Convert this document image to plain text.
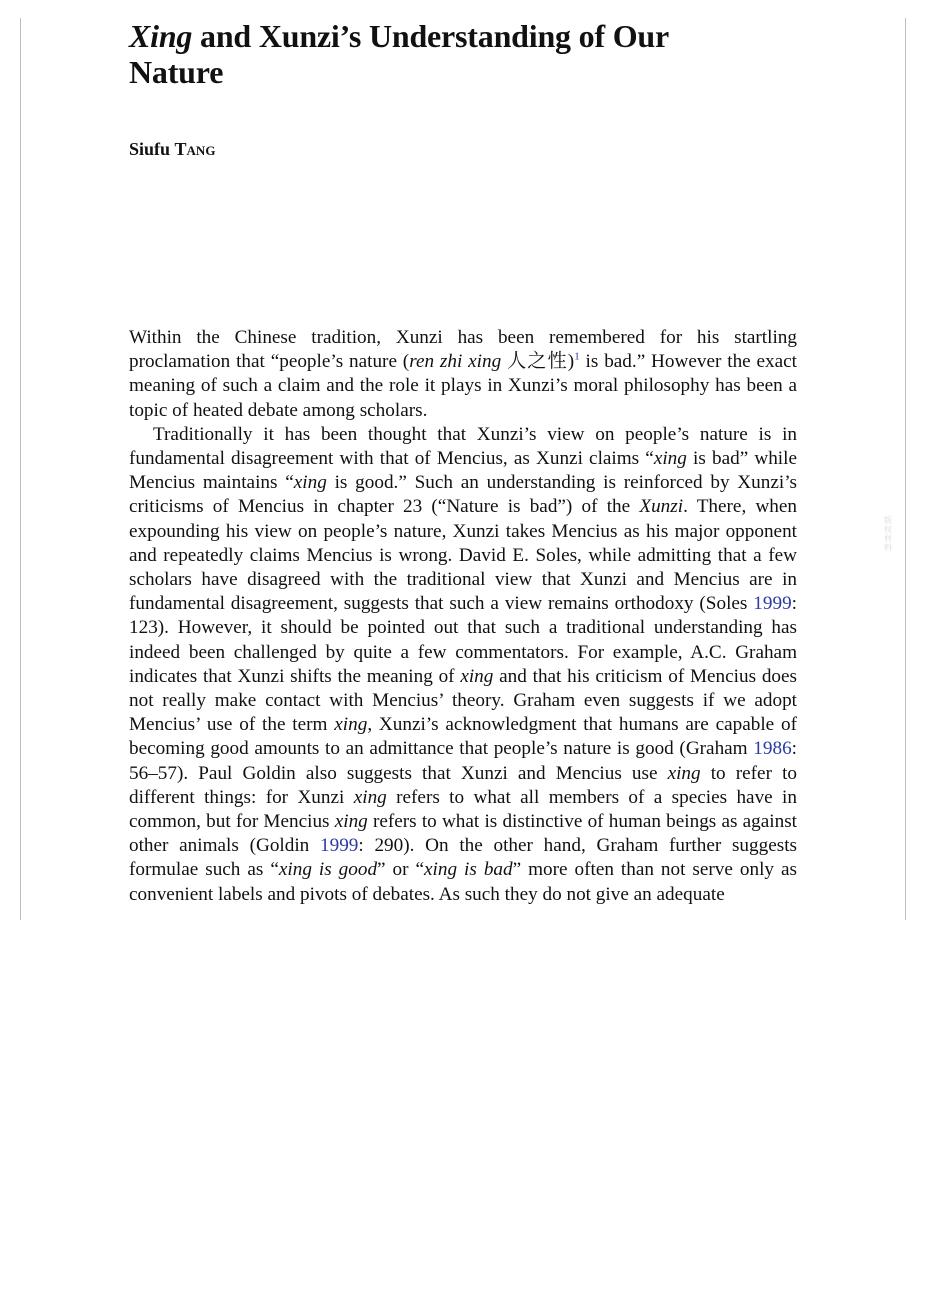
Xing and Xunzi’s Understanding of Our Nature

Siufu Tang

版权材料

Within the Chinese tradition, Xunzi has been remembered for his startling proclamation that “people’s nature (ren zhi xing 人之性)$^1$ is bad.” However the exact meaning of such a claim and the role it plays in Xunzi’s moral philosophy has been a topic of heated debate among scholars.

Traditionally it has been thought that Xunzi’s view on people’s nature is in fundamental disagreement with that of Mencius, as Xunzi claims “xing is bad” while Mencius maintains “xing is good.” Such an understanding is reinforced by Xunzi’s criticisms of Mencius in chapter 23 (“Nature is bad”) of the Xunzi. There, when expounding his view on people’s nature, Xunzi takes Mencius as his major opponent and repeatedly claims Mencius is wrong. David E. Soles, while admitting that a few scholars have disagreed with the traditional view that Xunzi and Mencius are in fundamental disagreement, suggests that such a view remains orthodoxy (Soles 1999: 123). However, it should be pointed out that such a traditional understanding has indeed been challenged by quite a few commentators. For example, A.C. Graham indicates that Xunzi shifts the meaning of xing and that his criticism of Mencius does not really make contact with Mencius’ theory. Graham even suggests if we adopt Mencius’ use of the term xing, Xunzi’s acknowledgment that humans are capable of becoming good amounts to an admittance that people’s nature is good (Graham 1986: 56–57). Paul Goldin also suggests that Xunzi and Mencius use xing to refer to different things: for Xunzi xing refers to what all members of a species have in common, but for Mencius xing refers to what is distinctive of human beings as against other animals (Goldin 1999: 290). On the other hand, Graham further suggests formulae such as “xing is good” or “xing is bad” more often than not serve only as convenient labels and pivots of debates. As such they do not give an adequate
